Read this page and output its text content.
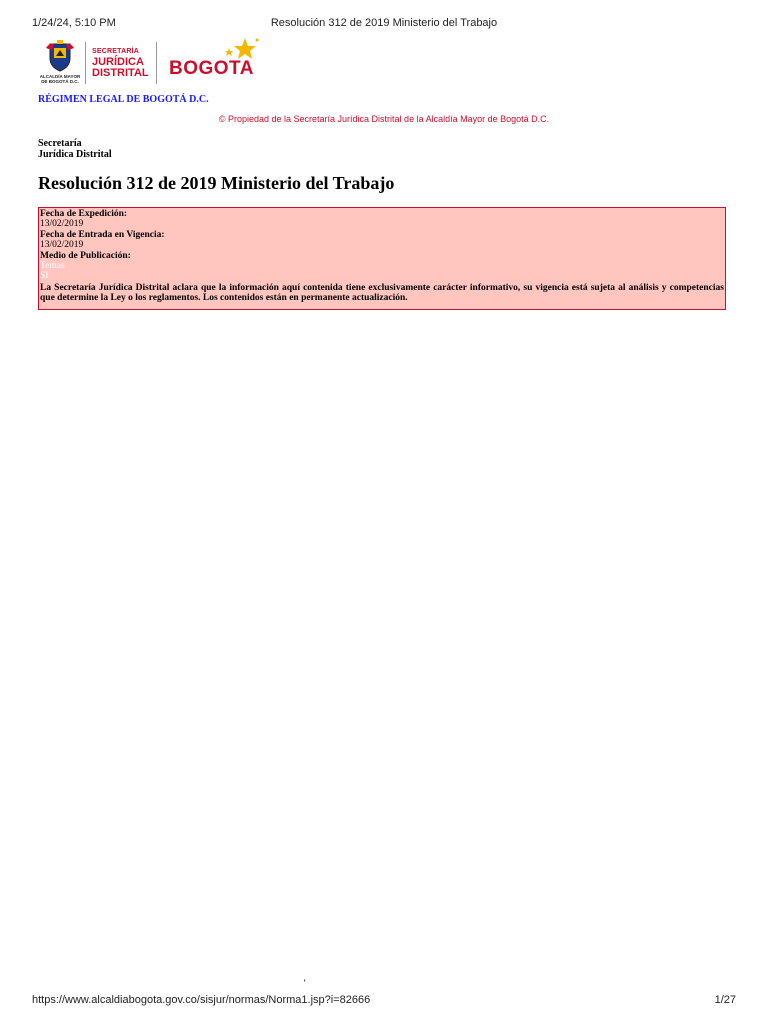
1/24/24, 5:10 PM	Resolución 312 de 2019 Ministerio del Trabajo
ALCALDÍA MAYOR
DE BOGOTÁ D.C.
SECRETARÍA
JURÍDICA
DISTRITAL BOGOTA
RÉGIMEN LEGAL DE BOGOTÁ D.C.
© Propiedad de la Secretaría Jurídica Distrital de la Alcaldía Mayor de Bogotá D.C.
Secretaría
Jurídica Distrital
Resolución 312 de 2019 Ministerio del Trabajo
Fecha de Expedición:
13/02/2019
Fecha de Entrada en Vigencia:
13/02/2019
Medio de Publicación:
Temas
SI
La Secretaría Jurídica Distrital aclara que la información aquí contenida tiene exclusivamente carácter informativo, su vigencia está sujeta al análisis y competencias que determine la Ley o los reglamentos. Los contenidos están en permanente actualización.
ʻ
https://www.alcaldiabogota.gov.co/sisjur/normas/Norma1.jsp?i=82666	1/27
